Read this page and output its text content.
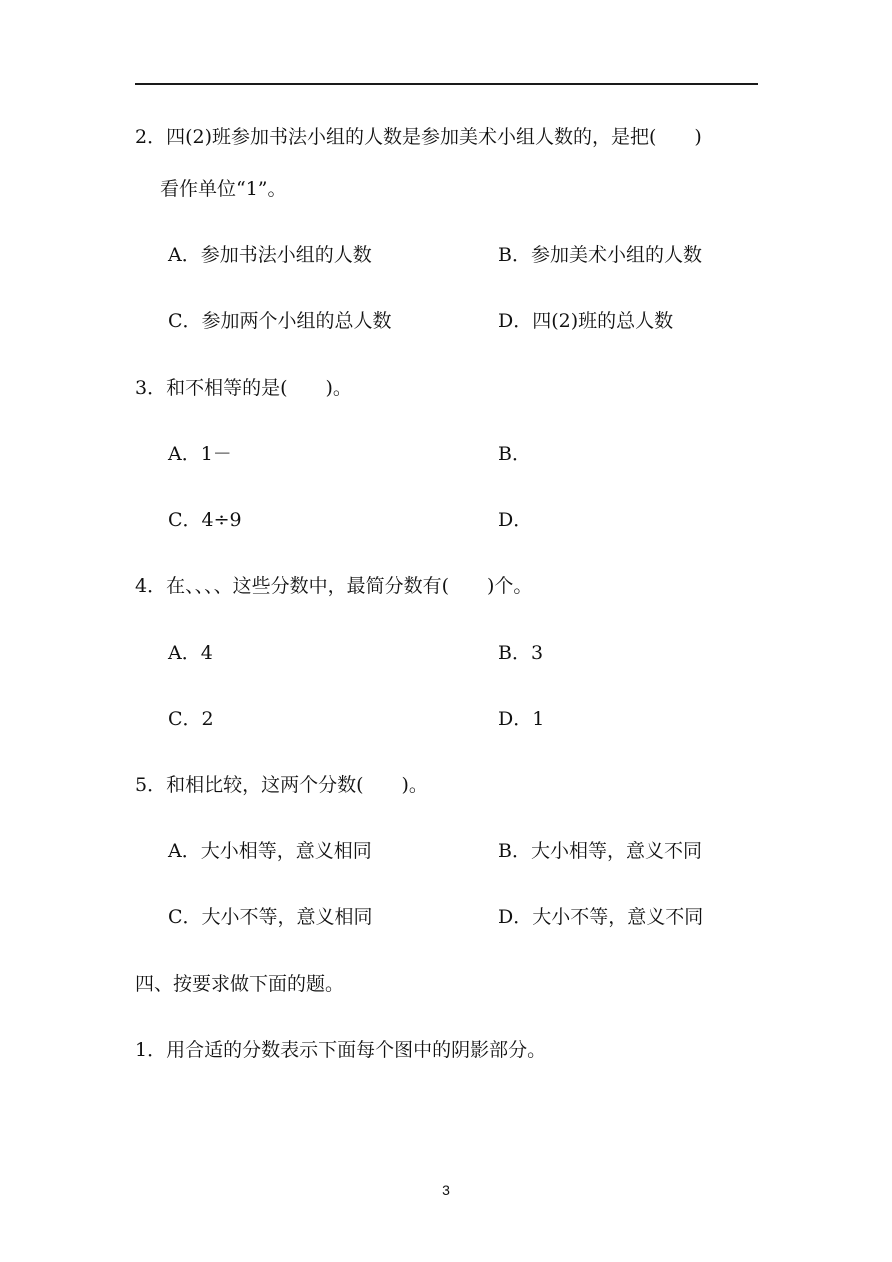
2．四(2)班参加书法小组的人数是参加美术小组人数的，是把(　　)
看作单位“1”。
A．参加书法小组的人数	B．参加美术小组的人数
C．参加两个小组的总人数	D．四(2)班的总人数
3．和不相等的是(　　)。
A．1－	B．
C．4÷9	D．
4．在、、、、这些分数中，最简分数有(　　)个。
A．4	B．3
C．2	D．1
5．和相比较，这两个分数(　　)。
A．大小相等，意义相同	B．大小相等，意义不同
C．大小不等，意义相同	D．大小不等，意义不同
四、按要求做下面的题。
1．用合适的分数表示下面每个图中的阴影部分。
3
